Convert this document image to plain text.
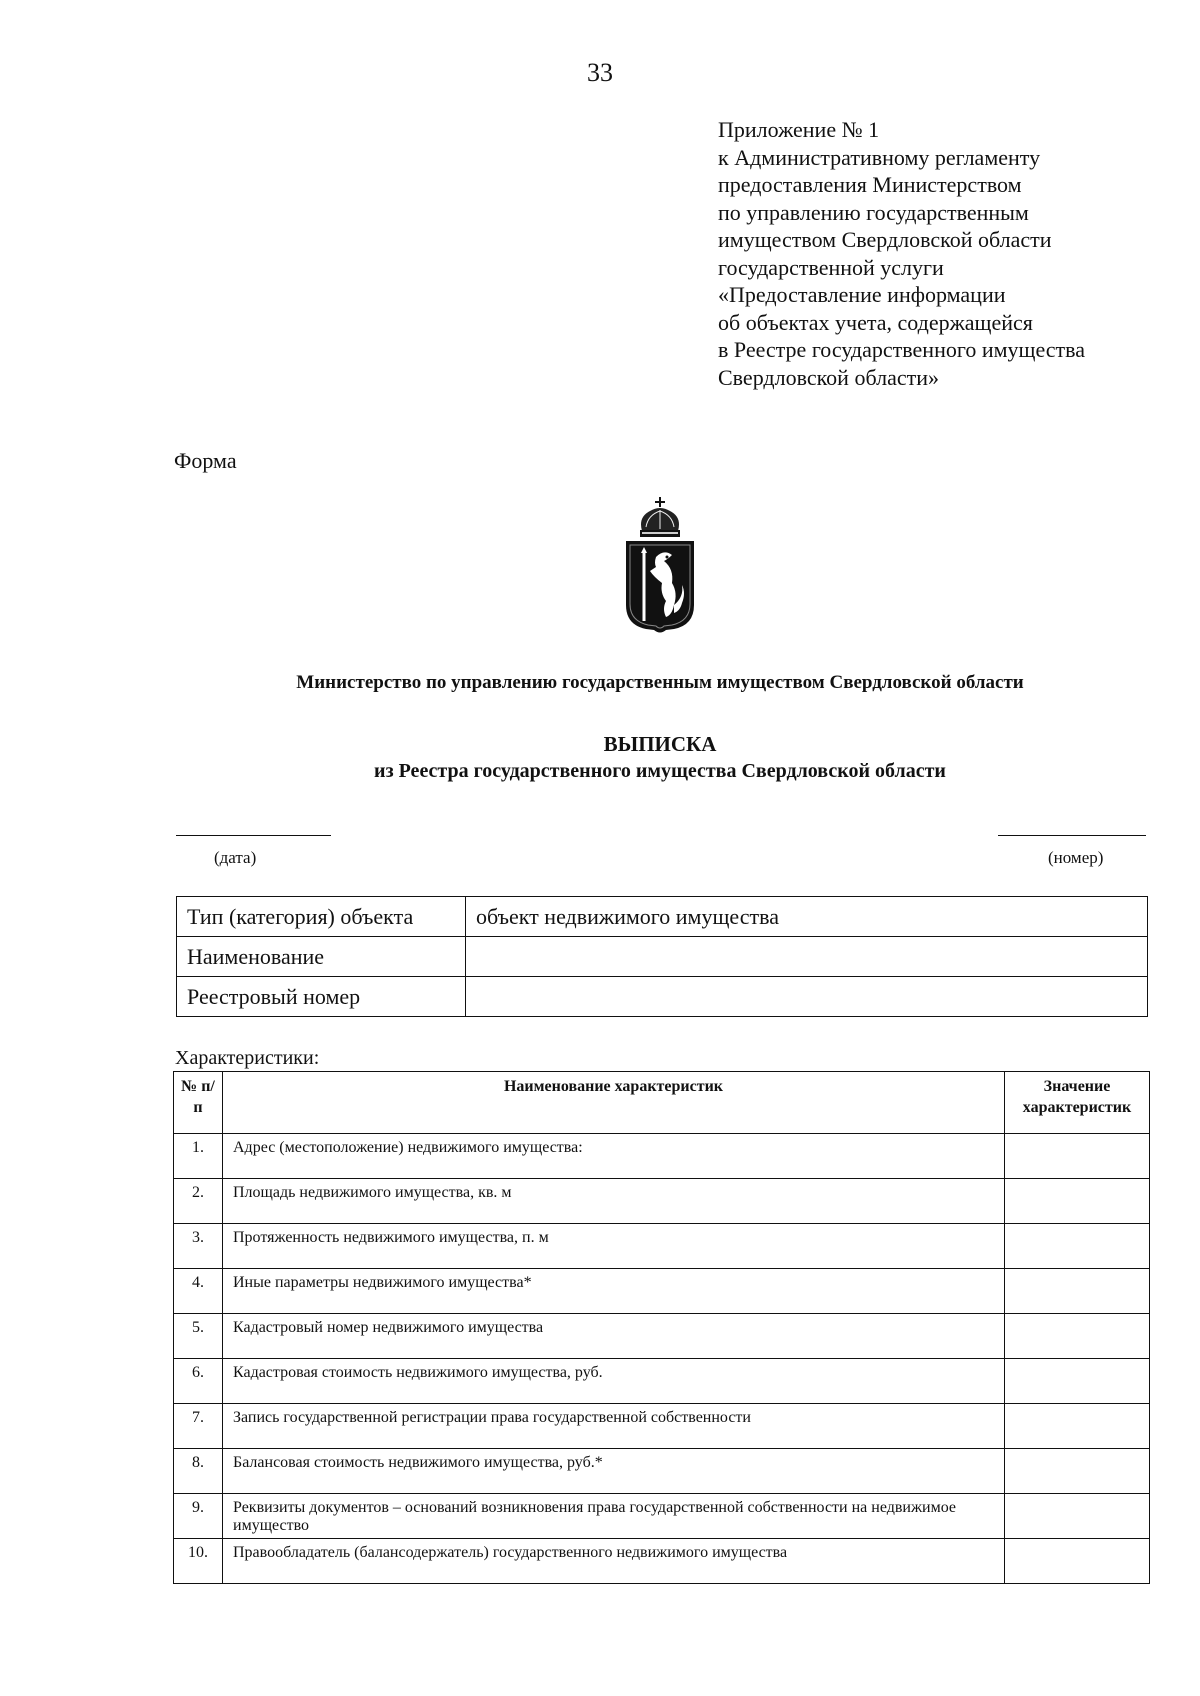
33
Приложение № 1
к Административному регламенту
предоставления Министерством
по управлению государственным
имуществом Свердловской области
государственной услуги
«Предоставление информации
об объектах учета, содержащейся
в Реестре государственного имущества
Свердловской области»
Форма
Министерство по управлению государственным имуществом Свердловской области
ВЫПИСКА
из Реестра государственного имущества Свердловской области
(дата)	(номер)
Тип (категория) объекта	объект недвижимого имущества
Наименование	
Реестровый номер	
Характеристики:
№ п/п	Наименование характеристик	Значение характеристик
1.	Адрес (местоположение) недвижимого имущества:	
2.	Площадь недвижимого имущества, кв. м	
3.	Протяженность недвижимого имущества, п. м	
4.	Иные параметры недвижимого имущества*	
5.	Кадастровый номер недвижимого имущества	
6.	Кадастровая стоимость недвижимого имущества, руб.	
7.	Запись государственной регистрации права государственной собственности	
8.	Балансовая стоимость недвижимого имущества, руб.*	
9.	Реквизиты документов – оснований возникновения права государственной собственности на недвижимое имущество	
10.	Правообладатель (балансодержатель) государственного недвижимого имущества	
